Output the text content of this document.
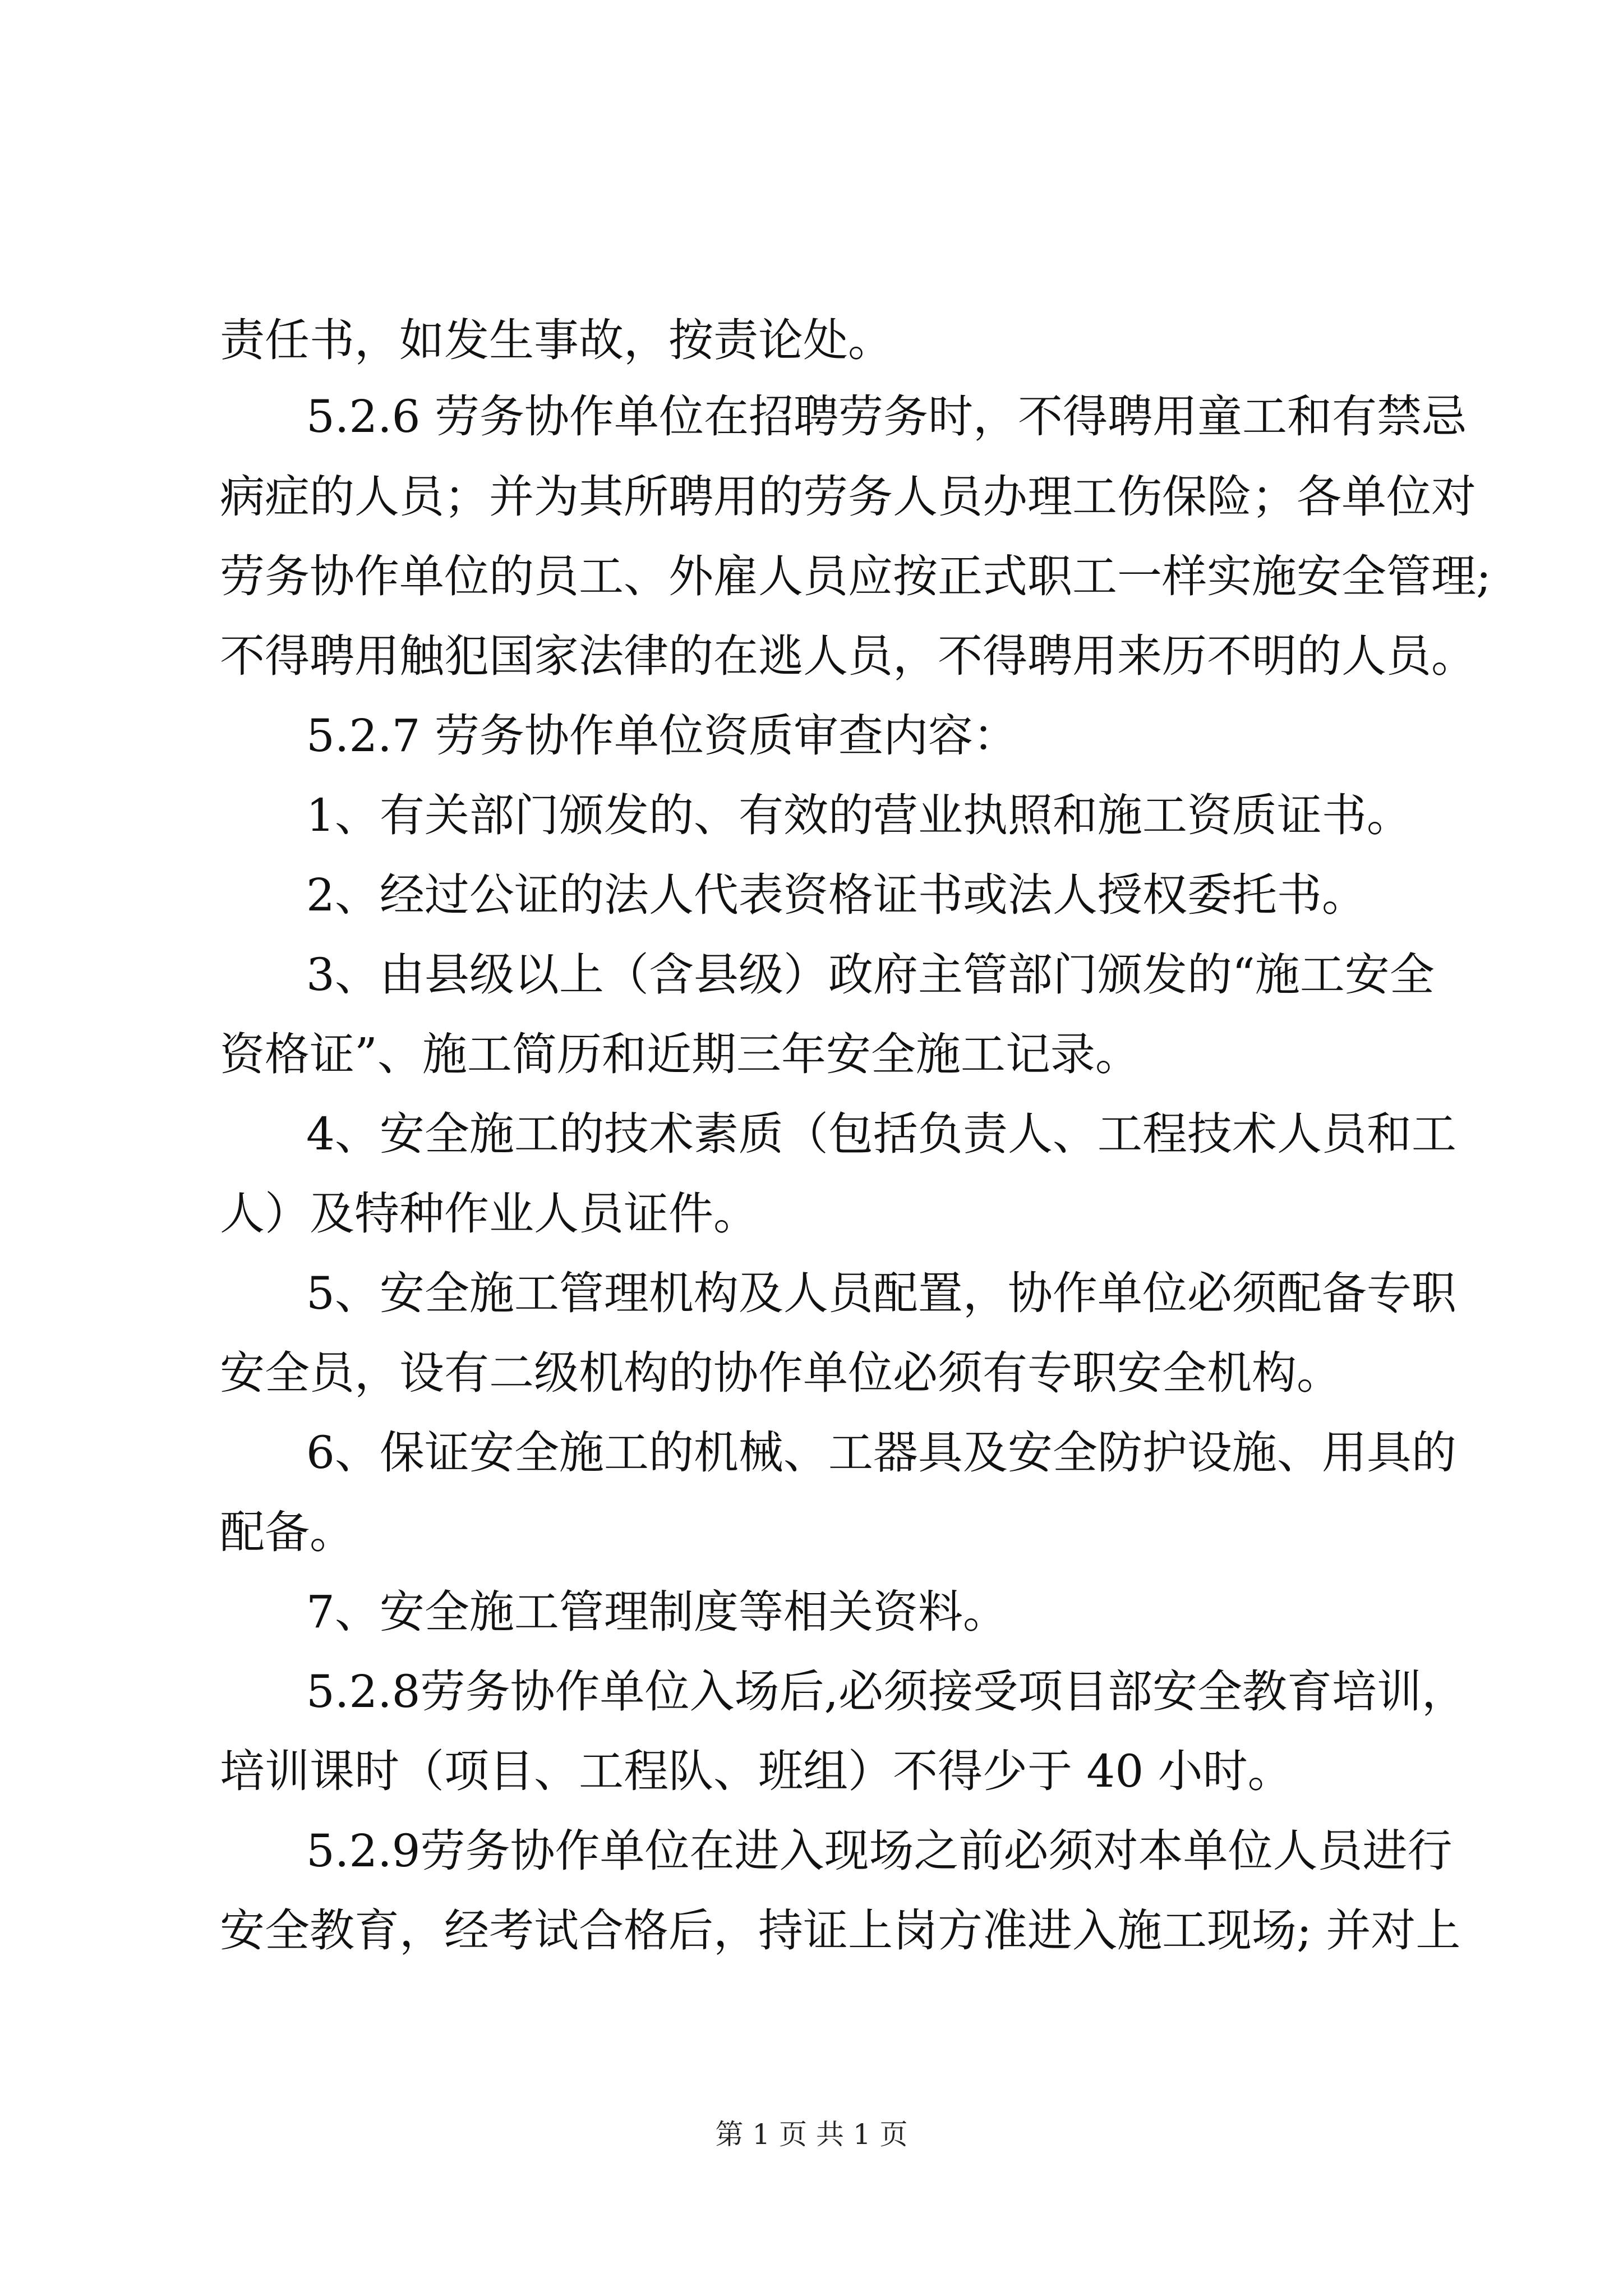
责任书，如发生事故，按责论处。
5.2.6 劳务协作单位在招聘劳务时，不得聘用童工和有禁忌
病症的人员；并为其所聘用的劳务人员办理工伤保险；各单位对
劳务协作单位的员工、外雇人员应按正式职工一样实施安全管理;
不得聘用触犯国家法律的在逃人员，不得聘用来历不明的人员。
5.2.7 劳务协作单位资质审查内容：
1、有关部门颁发的、有效的营业执照和施工资质证书。
2、经过公证的法人代表资格证书或法人授权委托书。
3、由县级以上（含县级）政府主管部门颁发的“施工安全
资格证”、施工简历和近期三年安全施工记录。
4、安全施工的技术素质（包括负责人、工程技术人员和工
人）及特种作业人员证件。
5、安全施工管理机构及人员配置，协作单位必须配备专职
安全员，设有二级机构的协作单位必须有专职安全机构。
6、保证安全施工的机械、工器具及安全防护设施、用具的
配备。
7、安全施工管理制度等相关资料。
5.2.8劳务协作单位入场后,必须接受项目部安全教育培训，
培训课时（项目、工程队、班组）不得少于 40 小时。
5.2.9劳务协作单位在进入现场之前必须对本单位人员进行
安全教育，经考试合格后，持证上岗方准进入施工现场; 并对上
第 1 页 共 1 页
